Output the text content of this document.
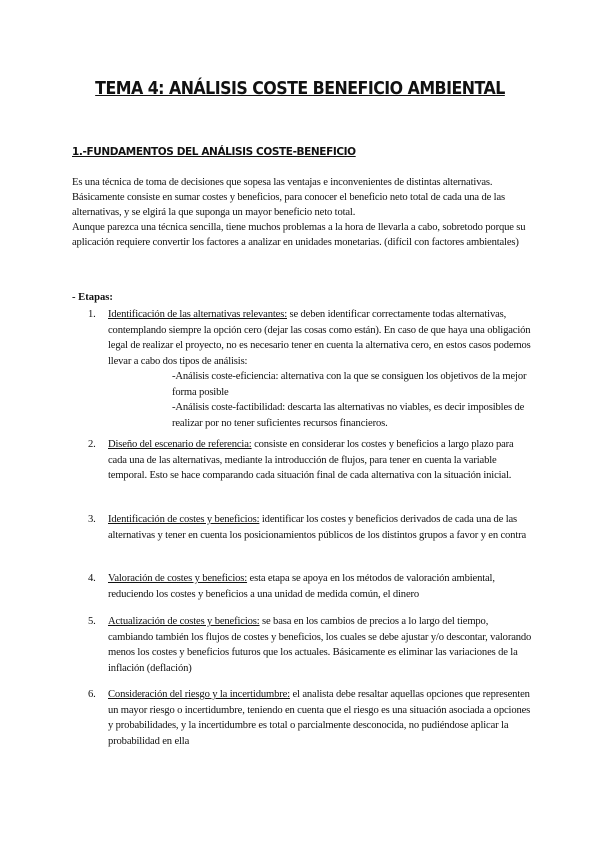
TEMA 4: ANÁLISIS COSTE BENEFICIO AMBIENTAL
1.-FUNDAMENTOS DEL ANÁLISIS COSTE-BENEFICIO

Es una técnica de toma de decisiones que sopesa las ventajas e inconvenientes de distintas alternativas.

Básicamente consiste en sumar costes y beneficios, para conocer el beneficio neto total de cada una de las alternativas, y se elgirá la que suponga un mayor beneficio neto total.

Aunque parezca una técnica sencilla, tiene muchos problemas a la hora de llevarla a cabo, sobretodo porque su aplicación requiere convertir los factores a analizar en unidades monetarias. (difícil con factores ambientales)

- Etapas:
1. Identificación de las alternativas relevantes: se deben identificar correctamente todas alternativas, contemplando siempre la opción cero (dejar las cosas como están). En caso de que haya una obligación legal de realizar el proyecto, no es necesario tener en cuenta la alternativa cero, en estos casos podemos llevar a cabo dos tipos de análisis:

-Análisis coste-eficiencia: alternativa con la que se consiguen los objetivos de la mejor forma posible

-Análisis coste-factibilidad: descarta las alternativas no viables, es decir imposibles de realizar por no tener suficientes recursos financieros.

2. Diseño del escenario de referencia: consiste en considerar los costes y beneficios a largo plazo para cada una de las alternativas, mediante la introducción de flujos, para tener en cuenta la variable temporal. Esto se hace comparando cada situación final de cada alternativa con la situación inicial.
3. Identificación de costes y beneficios: identificar los costes y beneficios derivados de cada una de las alternativas y tener en cuenta los posicionamientos públicos de los distintos grupos a favor y en contra
4. Valoración de costes y beneficios: esta etapa se apoya en los métodos de valoración ambiental, reduciendo los costes y beneficios a una unidad de medida común, el dinero
5. Actualización de costes y beneficios: se basa en los cambios de precios a lo largo del tiempo, cambiando también los flujos de costes y beneficios, los cuales se debe ajustar y/o descontar, valorando menos los costes y beneficios futuros que los actuales. Básicamente es eliminar las variaciones de la inflación (deflación)
6. Consideración del riesgo y la incertidumbre: el analista debe resaltar aquellas opciones que representen un mayor riesgo o incertidumbre, teniendo en cuenta que el riesgo es una situación asociada a opciones y probabilidades, y la incertidumbre es total o parcialmente desconocida, no pudiéndose aplicar la probabilidad en ella
